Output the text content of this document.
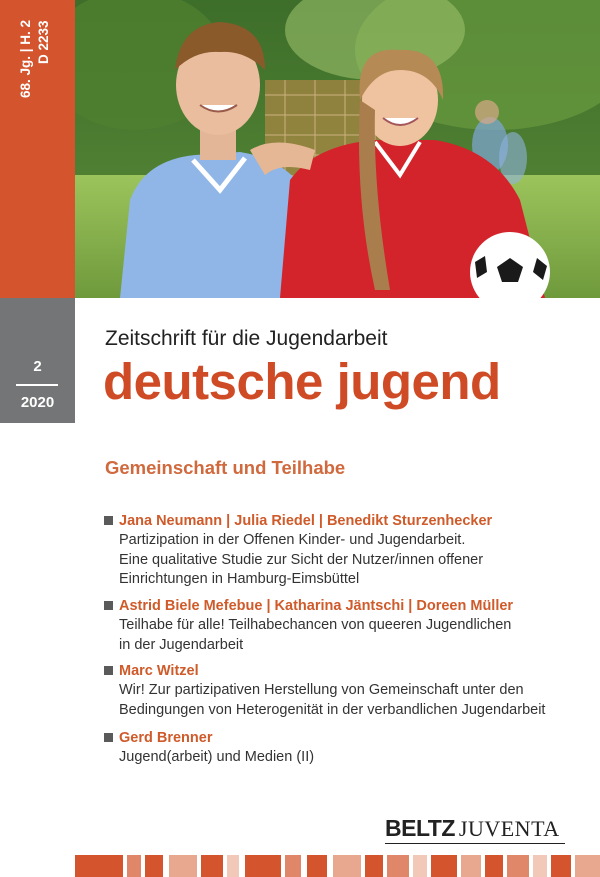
68. Jg. | H. 2 D 2233
2
2020
Zeitschrift für die Jugendarbeit
deutsche jugend
Gemeinschaft und Teilhabe
Jana Neumann | Julia Riedel | Benedikt Sturzenhecker
Partizipation in der Offenen Kinder- und Jugendarbeit.
Eine qualitative Studie zur Sicht der Nutzer/innen offener
Einrichtungen in Hamburg-Eimsbüttel
Astrid Biele Mefebue | Katharina Jäntschi | Doreen Müller
Teilhabe für alle! Teilhabechancen von queeren Jugendlichen
in der Jugendarbeit
Marc Witzel
Wir! Zur partizipativen Herstellung von Gemeinschaft unter den
Bedingungen von Heterogenität in der verbandlichen Jugendarbeit
Gerd Brenner
Jugend(arbeit) und Medien (II)
BELTZ JUVENTA
